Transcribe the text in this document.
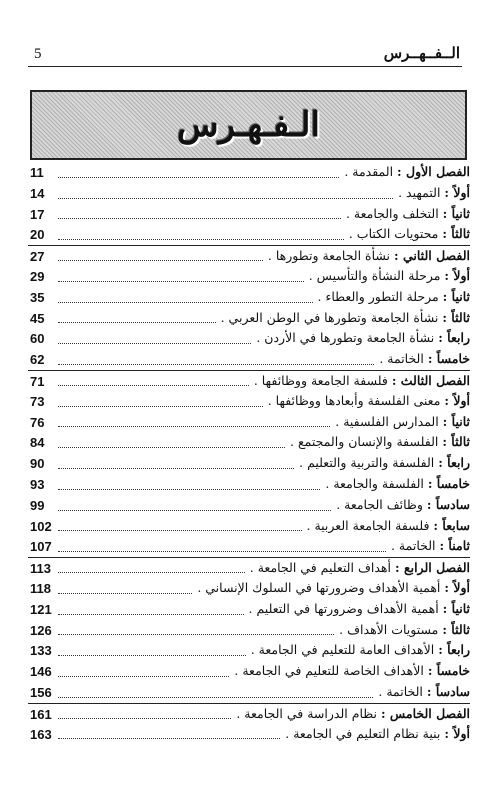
5	الــفــهــرس
الـفـهـرس
11	الفصل الأول : المقدمة .
14	أولاً : التمهيد .
17	ثانياً : التخلف والجامعة .
20	ثالثاً : محتويات الكتاب .
27	الفصل الثاني : نشأة الجامعة وتطورها .
29	أولاً : مرحلة النشأة والتأسيس .
35	ثانياً : مرحلة التطور والعطاء .
45	ثالثاً : نشأة الجامعة وتطورها في الوطن العربي .
60	رابعاً : نشأة الجامعة وتطورها في الأردن .
62	خامساً : الخاتمة .
71	الفصل الثالث : فلسفة الجامعة ووظائفها .
73	أولاً : معنى الفلسفة وأبعادها ووظائفها .
76	ثانياً : المدارس الفلسفية .
84	ثالثاً : الفلسفة والإنسان والمجتمع .
90	رابعاً : الفلسفة والتربية والتعليم .
93	خامساً : الفلسفة والجامعة .
99	سادساً : وظائف الجامعة .
102	سابعاً : فلسفة الجامعة العربية .
107	ثامناً : الخاتمة .
113	الفصل الرابع : أهداف التعليم في الجامعة .
118	أولاً : أهمية الأهداف وضرورتها في السلوك الإنساني .
121	ثانياً : أهمية الأهداف وضرورتها في التعليم .
126	ثالثاً : مستويات الأهداف .
133	رابعاً : الأهداف العامة للتعليم في الجامعة .
146	خامساً : الأهداف الخاصة للتعليم في الجامعة .
156	سادساً : الخاتمة .
161	الفصل الخامس : نظام الدراسة في الجامعة .
163	أولاً : بنية نظام التعليم في الجامعة .
